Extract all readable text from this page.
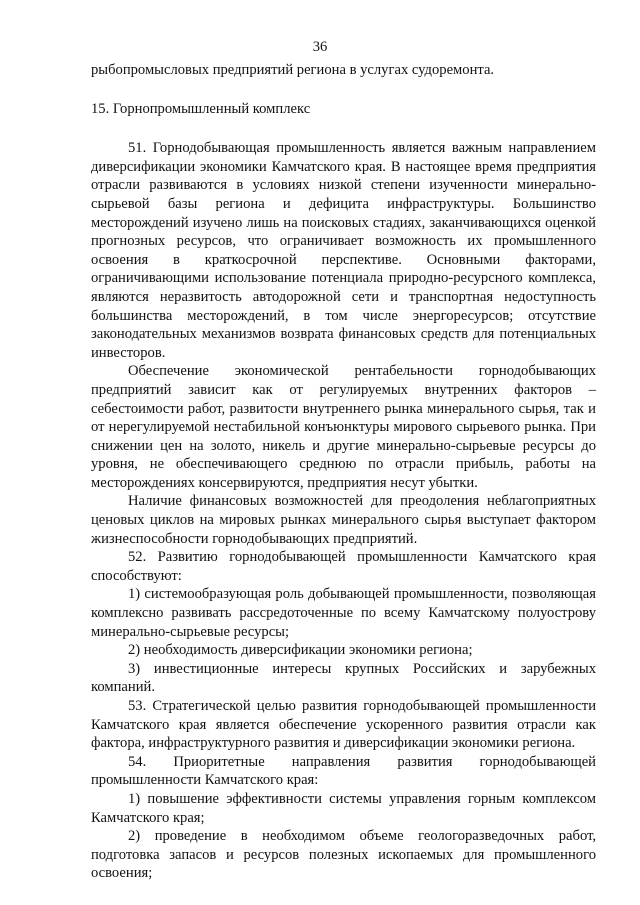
36

рыбопромысловых предприятий региона в услугах судоремонта.

15. Горнопромышленный комплекс

51. Горнодобывающая промышленность является важным направлением диверсификации экономики Камчатского края. В настоящее время предприятия отрасли развиваются в условиях низкой степени изученности минерально-сырьевой базы региона и дефицита инфраструктуры. Большинство месторождений изучено лишь на поисковых стадиях, заканчивающихся оценкой прогнозных ресурсов, что ограничивает возможность их промышленного освоения в краткосрочной перспективе. Основными факторами, ограничивающими использование потенциала природно-ресурсного комплекса, являются неразвитость автодорожной сети и транспортная недоступность большинства месторождений, в том числе энергоресурсов; отсутствие законодательных механизмов возврата финансовых средств для потенциальных инвесторов.

Обеспечение экономической рентабельности горнодобывающих предприятий зависит как от регулируемых внутренних факторов – себестоимости работ, развитости внутреннего рынка минерального сырья, так и от нерегулируемой нестабильной конъюнктуры мирового сырьевого рынка. При снижении цен на золото, никель и другие минерально-сырьевые ресурсы до уровня, не обеспечивающего среднюю по отрасли прибыль, работы на месторождениях консервируются, предприятия несут убытки.

Наличие финансовых возможностей для преодоления неблагоприятных ценовых циклов на мировых рынках минерального сырья выступает фактором жизнеспособности горнодобывающих предприятий.

52. Развитию горнодобывающей промышленности Камчатского края способствуют:

1) системообразующая роль добывающей промышленности, позволяющая комплексно развивать рассредоточенные по всему Камчатскому полуострову минерально-сырьевые ресурсы;

2) необходимость диверсификации экономики региона;

3) инвестиционные интересы крупных Российских и зарубежных компаний.

53. Стратегической целью развития горнодобывающей промышленности Камчатского края является обеспечение ускоренного развития отрасли как фактора, инфраструктурного развития и диверсификации экономики региона.

54. Приоритетные направления развития горнодобывающей промышленности Камчатского края:

1) повышение эффективности системы управления горным комплексом Камчатского края;

2) проведение в необходимом объеме геологоразведочных работ, подготовка запасов и ресурсов полезных ископаемых для промышленного освоения;
